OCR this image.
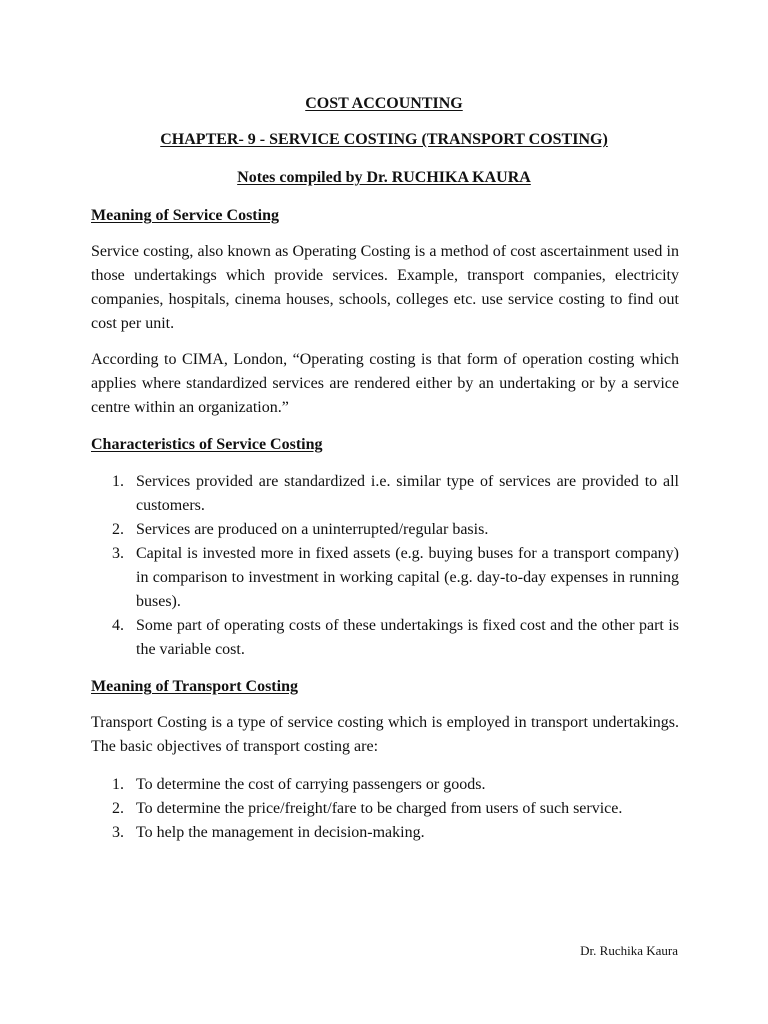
COST ACCOUNTING

CHAPTER- 9 - SERVICE COSTING (TRANSPORT COSTING)

Notes compiled by Dr. RUCHIKA KAURA

Meaning of Service Costing

Service costing, also known as Operating Costing is a method of cost ascertainment used in those undertakings which provide services. Example, transport companies, electricity companies, hospitals, cinema houses, schools, colleges etc. use service costing to find out cost per unit.

According to CIMA, London, “Operating costing is that form of operation costing which applies where standardized services are rendered either by an undertaking or by a service centre within an organization.”

Characteristics of Service Costing

1. Services provided are standardized i.e. similar type of services are provided to all customers.
2. Services are produced on a uninterrupted/regular basis.
3. Capital is invested more in fixed assets (e.g. buying buses for a transport company) in comparison to investment in working capital (e.g. day-to-day expenses in running buses).
4. Some part of operating costs of these undertakings is fixed cost and the other part is the variable cost.

Meaning of Transport Costing

Transport Costing is a type of service costing which is employed in transport undertakings. The basic objectives of transport costing are:

1. To determine the cost of carrying passengers or goods.
2. To determine the price/freight/fare to be charged from users of such service.
3. To help the management in decision-making.

Dr. Ruchika Kaura
